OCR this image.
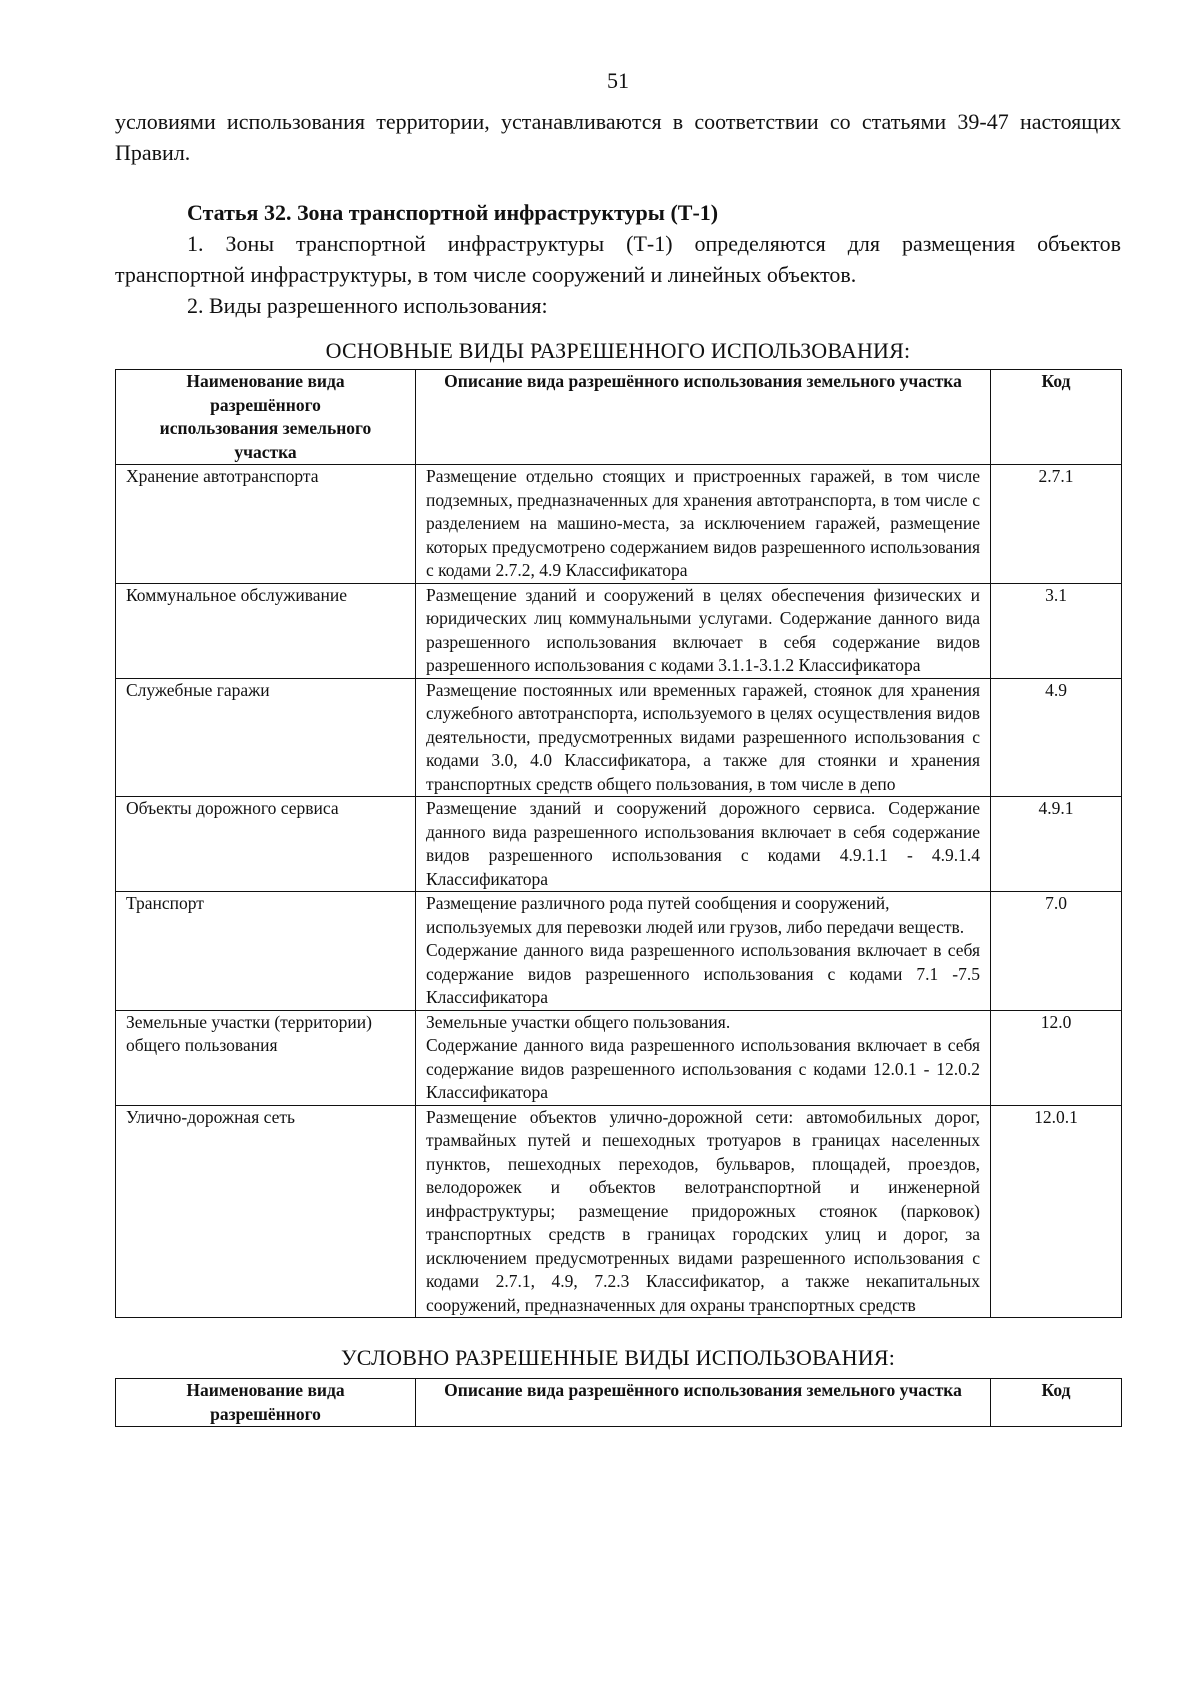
51

условиями использования территории, устанавливаются в соответствии со статьями 39-47 настоящих Правил.

Статья 32. Зона транспортной инфраструктуры (Т-1)

1. Зоны транспортной инфраструктуры (Т-1) определяются для размещения объектов транспортной инфраструктуры, в том числе сооружений и линейных объектов.

2. Виды разрешенного использования:

ОСНОВНЫЕ ВИДЫ РАЗРЕШЕННОГО ИСПОЛЬЗОВАНИЯ:
Наименование вида разрешённого использования земельного участка	Описание вида разрешённого использования земельного участка	Код
Хранение автотранспорта	Размещение отдельно стоящих и пристроенных гаражей, в том числе подземных, предназначенных для хранения автотранспорта, в том числе с разделением на машино-места, за исключением гаражей, размещение которых предусмотрено содержанием видов разрешенного использования с кодами 2.7.2, 4.9 Классификатора	2.7.1
Коммунальное обслуживание	Размещение зданий и сооружений в целях обеспечения физических и юридических лиц коммунальными услугами. Содержание данного вида разрешенного использования включает в себя содержание видов разрешенного использования с кодами 3.1.1-3.1.2 Классификатора	3.1
Служебные гаражи	Размещение постоянных или временных гаражей, стоянок для хранения служебного автотранспорта, используемого в целях осуществления видов деятельности, предусмотренных видами разрешенного использования с кодами 3.0, 4.0 Классификатора, а также для стоянки и хранения транспортных средств общего пользования, в том числе в депо	4.9
Объекты дорожного сервиса	Размещение зданий и сооружений дорожного сервиса. Содержание данного вида разрешенного использования включает в себя содержание видов разрешенного использования с кодами 4.9.1.1 - 4.9.1.4 Классификатора	4.9.1
Транспорт	Размещение различного рода путей сообщения и сооружений, используемых для перевозки людей или грузов, либо передачи веществ.
Содержание данного вида разрешенного использования включает в себя содержание видов разрешенного использования с кодами 7.1 -7.5 Классификатора	7.0
Земельные участки (территории) общего пользования	Земельные участки общего пользования.
Содержание данного вида разрешенного использования включает в себя содержание видов разрешенного использования с кодами 12.0.1 - 12.0.2 Классификатора	12.0
Улично-дорожная сеть	Размещение объектов улично-дорожной сети: автомобильных дорог, трамвайных путей и пешеходных тротуаров в границах населенных пунктов, пешеходных переходов, бульваров, площадей, проездов, велодорожек и объектов велотранспортной и инженерной инфраструктуры; размещение придорожных стоянок (парковок) транспортных средств в границах городских улиц и дорог, за исключением предусмотренных видами разрешенного использования с кодами 2.7.1, 4.9, 7.2.3 Классификатор, а также некапитальных сооружений, предназначенных для охраны транспортных средств	12.0.1
УСЛОВНО РАЗРЕШЕННЫЕ ВИДЫ ИСПОЛЬЗОВАНИЯ:
Наименование вида разрешённого	Описание вида разрешённого использования земельного участка	Код
